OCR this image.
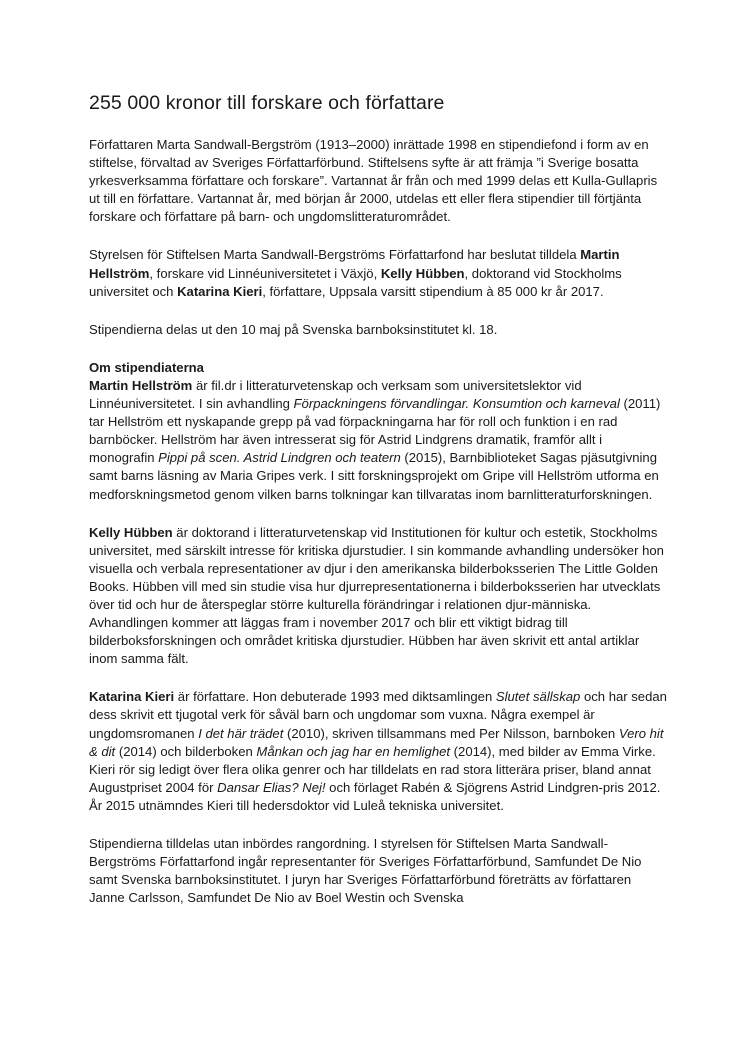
255 000 kronor till forskare och författare

Författaren Marta Sandwall-Bergström (1913–2000) inrättade 1998 en stipendiefond i form av en stiftelse, förvaltad av Sveriges Författarförbund. Stiftelsens syfte är att främja ”i Sverige bosatta yrkesverksamma författare och forskare”. Vartannat år från och med 1999 delas ett Kulla-Gullapris ut till en författare. Vartannat år, med början år 2000, utdelas ett eller flera stipendier till förtjänta forskare och författare på barn- och ungdomslitteraturområdet.

Styrelsen för Stiftelsen Marta Sandwall-Bergströms Författarfond har beslutat tilldela Martin Hellström, forskare vid Linnéuniversitetet i Växjö, Kelly Hübben, doktorand vid Stockholms universitet och Katarina Kieri, författare, Uppsala varsitt stipendium à 85 000 kr år 2017.

Stipendierna delas ut den 10 maj på Svenska barnboksinstitutet kl. 18.

Om stipendiaterna

Martin Hellström är fil.dr i litteraturvetenskap och verksam som universitetslektor vid Linnéuniversitetet. I sin avhandling Förpackningens förvandlingar. Konsumtion och karneval (2011) tar Hellström ett nyskapande grepp på vad förpackningarna har för roll och funktion i en rad barnböcker. Hellström har även intresserat sig för Astrid Lindgrens dramatik, framför allt i monografin Pippi på scen. Astrid Lindgren och teatern (2015), Barnbiblioteket Sagas pjäsutgivning samt barns läsning av Maria Gripes verk. I sitt forskningsprojekt om Gripe vill Hellström utforma en medforskningsmetod genom vilken barns tolkningar kan tillvaratas inom barnlitteraturforskningen.

Kelly Hübben är doktorand i litteraturvetenskap vid Institutionen för kultur och estetik, Stockholms universitet, med särskilt intresse för kritiska djurstudier. I sin kommande avhandling undersöker hon visuella och verbala representationer av djur i den amerikanska bilderboksserien The Little Golden Books. Hübben vill med sin studie visa hur djurrepresentationerna i bilderboksserien har utvecklats över tid och hur de återspeglar större kulturella förändringar i relationen djur-människa. Avhandlingen kommer att läggas fram i november 2017 och blir ett viktigt bidrag till bilderboksforskningen och området kritiska djurstudier. Hübben har även skrivit ett antal artiklar inom samma fält.

Katarina Kieri är författare. Hon debuterade 1993 med diktsamlingen Slutet sällskap och har sedan dess skrivit ett tjugotal verk för såväl barn och ungdomar som vuxna. Några exempel är ungdomsromanen I det här trädet (2010), skriven tillsammans med Per Nilsson, barnboken Vero hit & dit (2014) och bilderboken Månkan och jag har en hemlighet (2014), med bilder av Emma Virke. Kieri rör sig ledigt över flera olika genrer och har tilldelats en rad stora litterära priser, bland annat Augustpriset 2004 för Dansar Elias? Nej! och förlaget Rabén & Sjögrens Astrid Lindgren-pris 2012. År 2015 utnämndes Kieri till hedersdoktor vid Luleå tekniska universitet.

Stipendierna tilldelas utan inbördes rangordning. I styrelsen för Stiftelsen Marta Sandwall-Bergströms Författarfond ingår representanter för Sveriges Författarförbund, Samfundet De Nio samt Svenska barnboksinstitutet. I juryn har Sveriges Författarförbund företrätts av författaren Janne Carlsson, Samfundet De Nio av Boel Westin och Svenska
